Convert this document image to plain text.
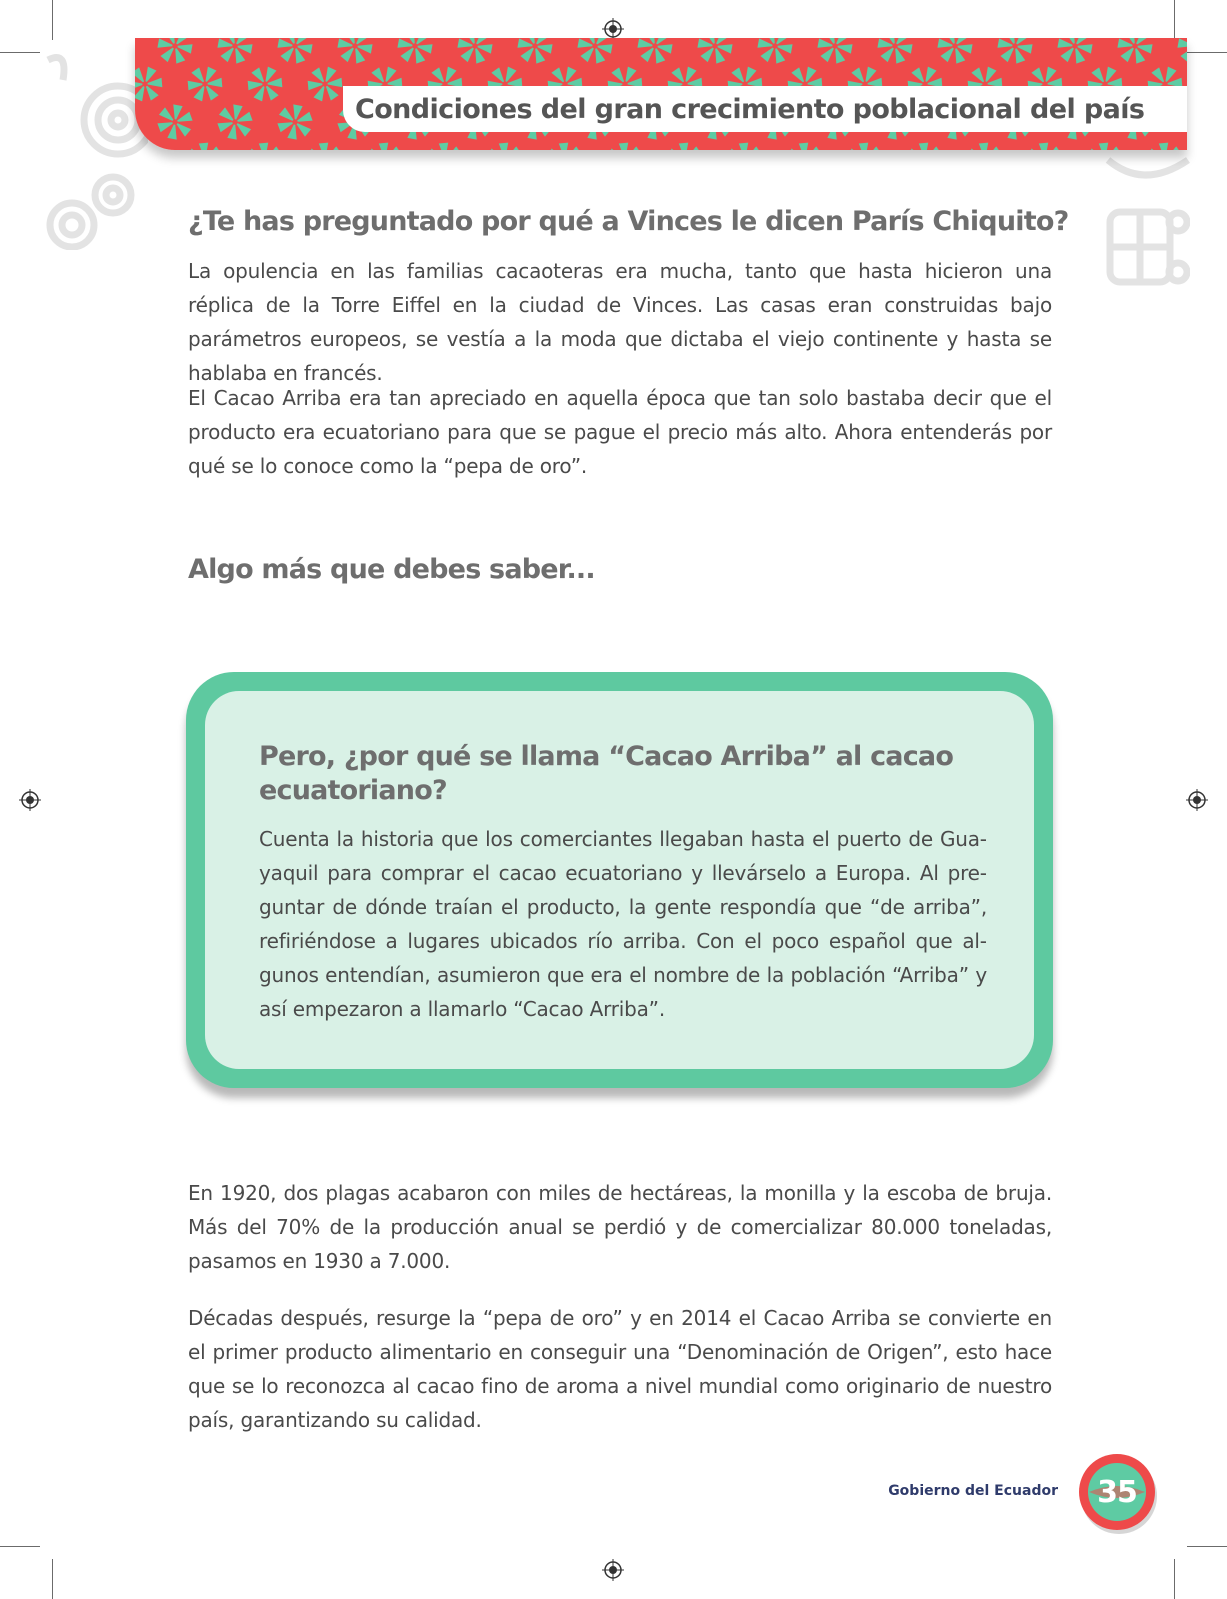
Condiciones del gran crecimiento poblacional del país
¿Te has preguntado por qué a Vinces le dicen París Chiquito?

La opulencia en las familias cacaoteras era mucha, tanto que hasta hicieron una réplica de la Torre Eiffel en la ciudad de Vinces. Las casas eran construidas bajo parámetros europeos, se vestía a la moda que dictaba el viejo continente y hasta se hablaba en francés.

El Cacao Arriba era tan apreciado en aquella época que tan solo bastaba decir que el producto era ecuatoriano para que se pague el precio más alto. Ahora entenderás por qué se lo conoce como la “pepa de oro”.

Algo más que debes saber...
Pero, ¿por qué se llama “Cacao Arriba” al cacao ecuatoriano?

Cuenta la historia que los comerciantes llegaban hasta el puerto de Guayaquil para comprar el cacao ecuatoriano y llevárselo a Europa. Al preguntar de dónde traían el producto, la gente respondía que “de arriba”, refiriéndose a lugares ubicados río arriba. Con el poco español que algunos entendían, asumieron que era el nombre de la población “Arriba” y así empezaron a llamarlo “Cacao Arriba”.

En 1920, dos plagas acabaron con miles de hectáreas, la monilla y la escoba de bruja. Más del 70% de la producción anual se perdió y de comercializar 80.000 toneladas, pasamos en 1930 a 7.000.

Décadas después, resurge la “pepa de oro” y en 2014 el Cacao Arriba se convierte en el primer producto alimentario en conseguir una “Denominación de Origen”, esto hace que se lo reconozca al cacao fino de aroma a nivel mundial como originario de nuestro país, garantizando su calidad.

Gobierno del Ecuador	35
